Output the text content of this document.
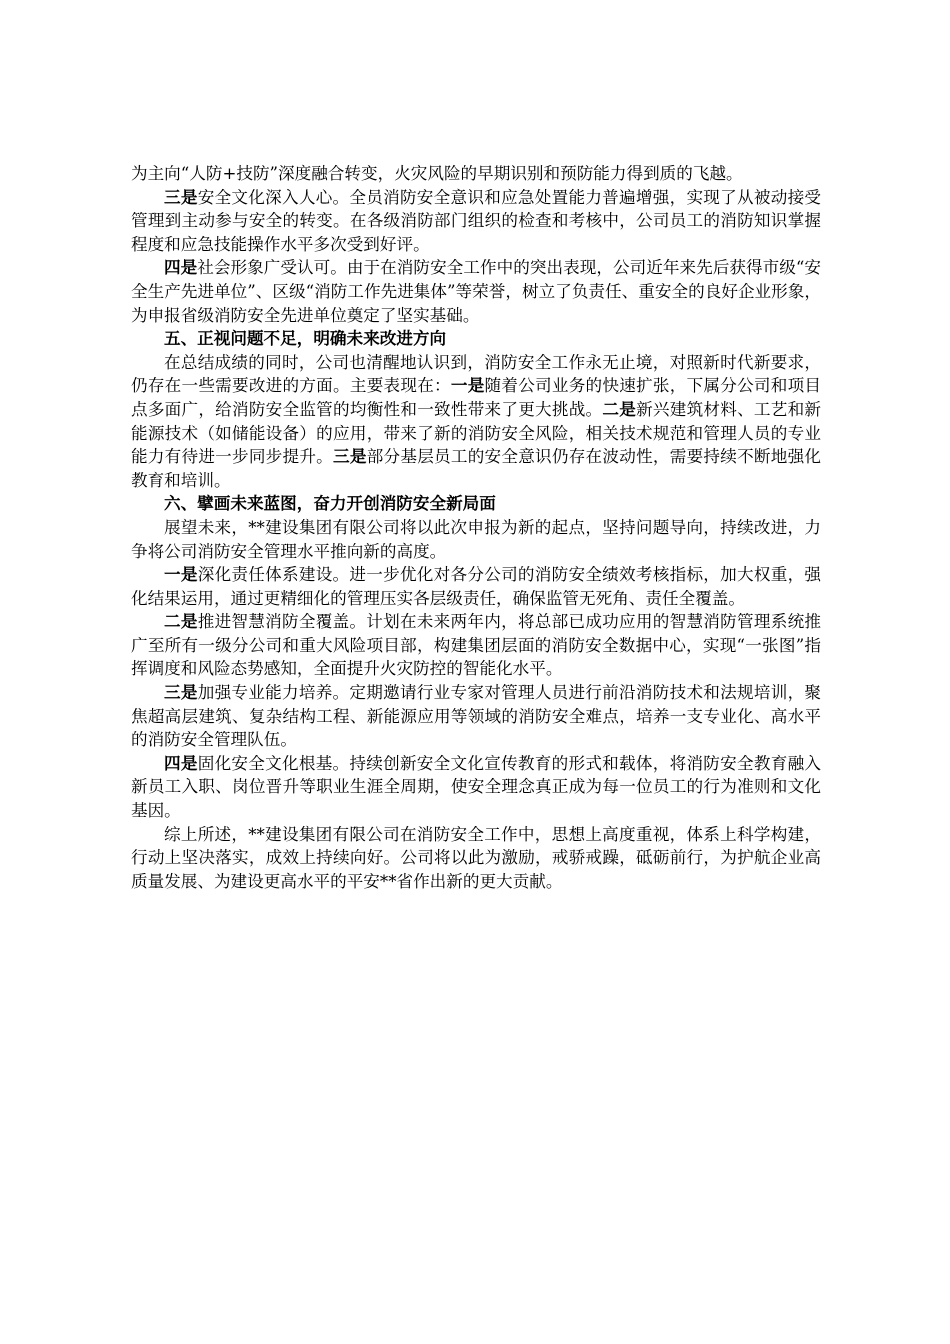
为主向“人防+技防”深度融合转变，火灾风险的早期识别和预防能力得到质的飞越。

三是安全文化深入人心。全员消防安全意识和应急处置能力普遍增强，实现了从被动接受管理到主动参与安全的转变。在各级消防部门组织的检查和考核中，公司员工的消防知识掌握程度和应急技能操作水平多次受到好评。

四是社会形象广受认可。由于在消防安全工作中的突出表现，公司近年来先后获得市级“安全生产先进单位”、区级“消防工作先进集体”等荣誉，树立了负责任、重安全的良好企业形象，为申报省级消防安全先进单位奠定了坚实基础。

五、正视问题不足，明确未来改进方向

在总结成绩的同时，公司也清醒地认识到，消防安全工作永无止境，对照新时代新要求，仍存在一些需要改进的方面。主要表现在：一是随着公司业务的快速扩张，下属分公司和项目点多面广，给消防安全监管的均衡性和一致性带来了更大挑战。二是新兴建筑材料、工艺和新能源技术（如储能设备）的应用，带来了新的消防安全风险，相关技术规范和管理人员的专业能力有待进一步同步提升。三是部分基层员工的安全意识仍存在波动性，需要持续不断地强化教育和培训。

六、擘画未来蓝图，奋力开创消防安全新局面

展望未来，**建设集团有限公司将以此次申报为新的起点，坚持问题导向，持续改进，力争将公司消防安全管理水平推向新的高度。

一是深化责任体系建设。进一步优化对各分公司的消防安全绩效考核指标，加大权重，强化结果运用，通过更精细化的管理压实各层级责任，确保监管无死角、责任全覆盖。

二是推进智慧消防全覆盖。计划在未来两年内，将总部已成功应用的智慧消防管理系统推广至所有一级分公司和重大风险项目部，构建集团层面的消防安全数据中心，实现“一张图”指挥调度和风险态势感知，全面提升火灾防控的智能化水平。

三是加强专业能力培养。定期邀请行业专家对管理人员进行前沿消防技术和法规培训，聚焦超高层建筑、复杂结构工程、新能源应用等领域的消防安全难点，培养一支专业化、高水平的消防安全管理队伍。

四是固化安全文化根基。持续创新安全文化宣传教育的形式和载体，将消防安全教育融入新员工入职、岗位晋升等职业生涯全周期，使安全理念真正成为每一位员工的行为准则和文化基因。

综上所述，**建设集团有限公司在消防安全工作中，思想上高度重视，体系上科学构建，行动上坚决落实，成效上持续向好。公司将以此为激励，戒骄戒躁，砥砺前行，为护航企业高质量发展、为建设更高水平的平安**省作出新的更大贡献。
